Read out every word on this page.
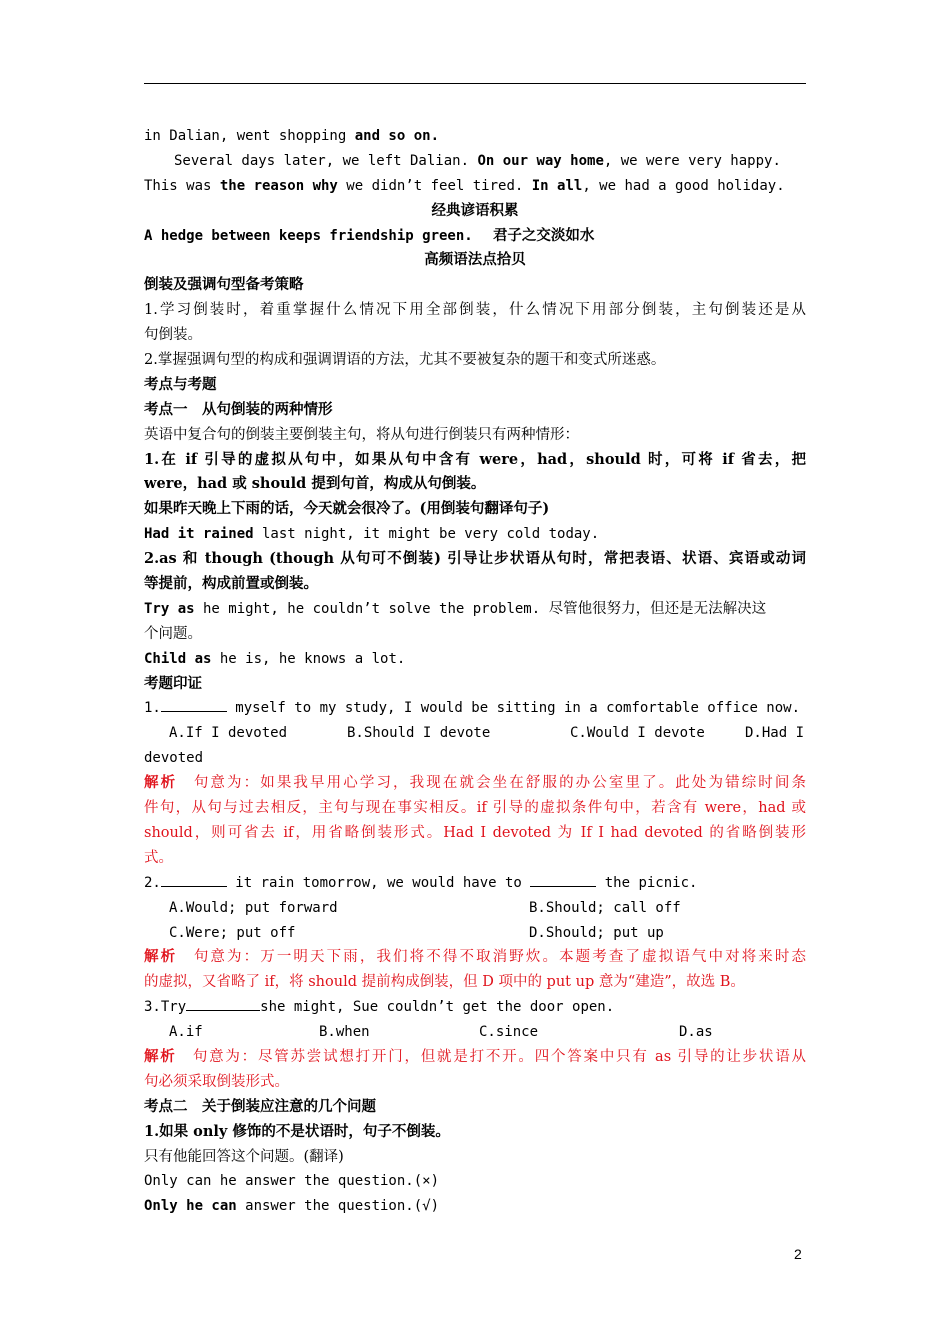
in Dalian, went shopping and so on.
Several days later, we left Dalian. On our way home, we were very happy.
This was the reason why we didn’t feel tired. In all, we had a good holiday.
经典谚语积累
A hedge between keeps friendship green. 君子之交淡如水
高频语法点拾贝
倒装及强调句型备考策略
1.学习倒装时，着重掌握什么情况下用全部倒装，什么情况下用部分倒装，主句倒装还是从
句倒装。
2.掌握强调句型的构成和强调谓语的方法，尤其不要被复杂的题干和变式所迷惑。
考点与考题
考点一　从句倒装的两种情形
英语中复合句的倒装主要倒装主句，将从句进行倒装只有两种情形：
1.在 if 引导的虚拟从句中，如果从句中含有 were，had，should 时，可将 if 省去，把
were，had 或 should 提到句首，构成从句倒装。
如果昨天晚上下雨的话，今天就会很冷了。(用倒装句翻译句子)
Had it rained last night, it might be very cold today.
2.as 和 though (though 从句可不倒装) 引导让步状语从句时，常把表语、状语、宾语或动词
等提前，构成前置或倒装。
Try as he might, he couldn’t solve the problem. 尽管他很努力，但还是无法解决这
个问题。
Child as he is, he knows a lot.
考题印证
1.	myself to my study, I would be sitting in a comfortable office now.
A.If I devoted	B.Should I devote	C.Would I devote	D.Had I
devoted
解析　句意为：如果我早用心学习，我现在就会坐在舒服的办公室里了。此处为错综时间条
件句，从句与过去相反，主句与现在事实相反。if 引导的虚拟条件句中，若含有 were，had 或
should，则可省去 if，用省略倒装形式。Had I devoted 为 If I had devoted 的省略倒装形
式。
2.	it rain tomorrow, we would have to	the picnic.
A.Would; put forward	B.Should; call off
C.Were; put off	D.Should; put up
解析　句意为：万一明天下雨，我们将不得不取消野炊。本题考查了虚拟语气中对将来时态
的虚拟，又省略了 if，将 should 提前构成倒装，但 D 项中的 put up 意为“建造”，故选 B。
3.Try	she might, Sue couldn’t get the door open.
A.if	B.when	C.since	D.as
解析　句意为：尽管苏尝试想打开门，但就是打不开。四个答案中只有 as 引导的让步状语从
句必须采取倒装形式。
考点二　关于倒装应注意的几个问题
1.如果 only 修饰的不是状语时，句子不倒装。
只有他能回答这个问题。(翻译)
Only can he answer the question.(×)
Only he can answer the question.(√)
2
